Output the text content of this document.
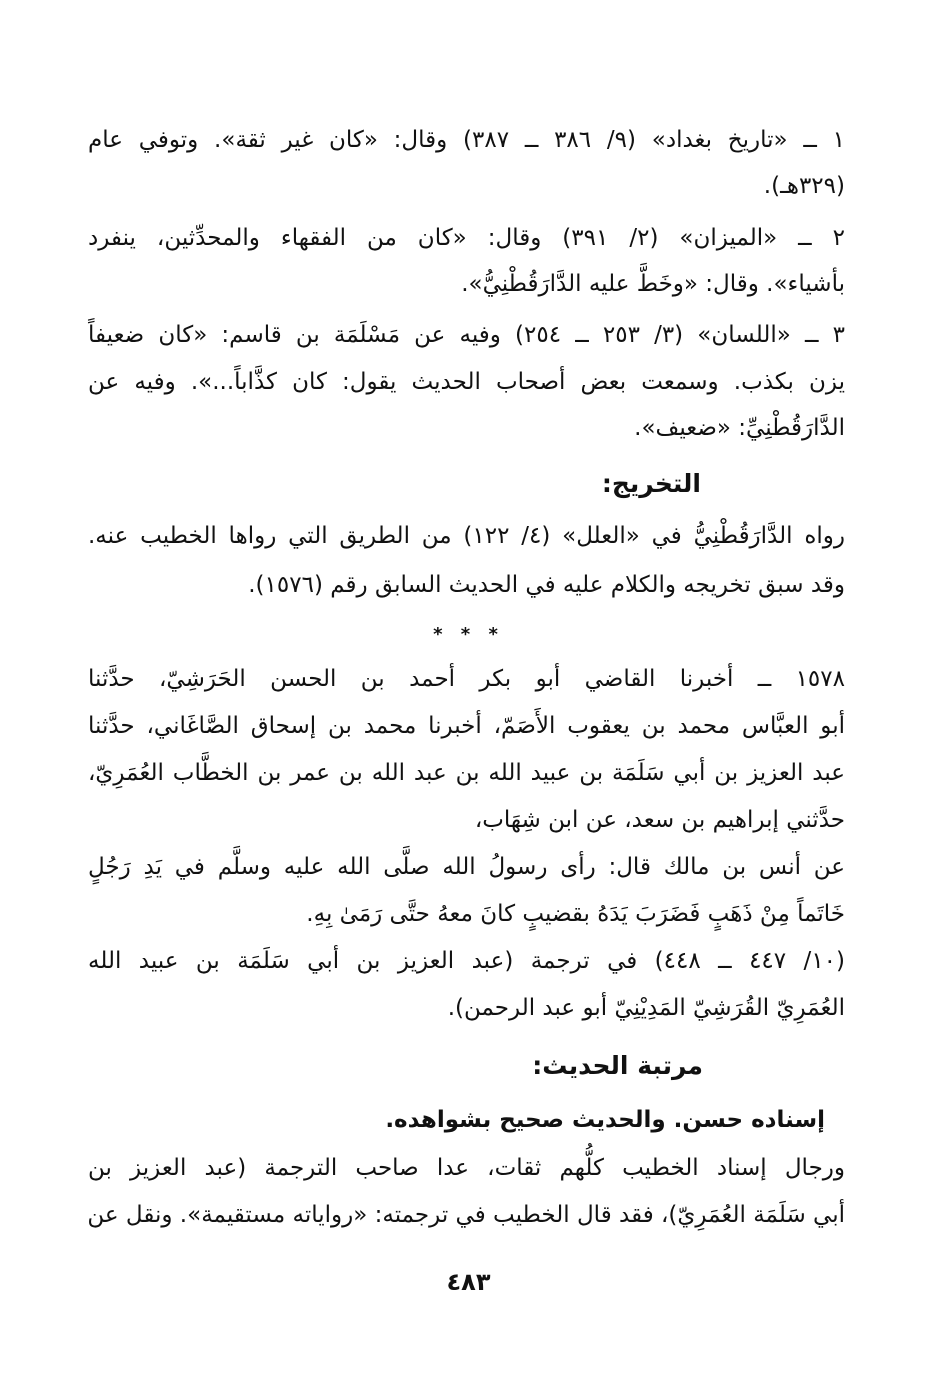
١ ــ «تاريخ بغداد» (٩/ ٣٨٦ ــ ٣٨٧) وقال: «كان غير ثقة». وتوفي عام
(٣٢٩هـ).
٢ ــ «الميزان» (٢/ ٣٩١) وقال: «كان من الفقهاء والمحدِّثين، ينفرد
بأشياء». وقال: «وخَطَّ عليه الدَّارَقُطْنِيُّ».
٣ ــ «اللسان» (٣/ ٢٥٣ ــ ٢٥٤) وفيه عن مَسْلَمَة بن قاسم: «كان ضعيفاً
يزن بكذب. وسمعت بعض أصحاب الحديث يقول: كان كذَّاباً...». وفيه عن
الدَّارَقُطْنِيِّ: «ضعيف».
التخريج:
رواه الدَّارَقُطْنِيُّ في «العلل» (٤/ ١٢٢) من الطريق التي رواها الخطيب عنه.
وقد سبق تخريجه والكلام عليه في الحديث السابق رقم (١٥٧٦).
* * *
١٥٧٨ ــ أخبرنا القاضي أبو بكر أحمد بن الحسن الحَرَشِيّ، حدَّثنا
أبو العبَّاس محمد بن يعقوب الأَصَمّ، أخبرنا محمد بن إسحاق الصَّاغَاني، حدَّثنا
عبد العزيز بن أبي سَلَمَة بن عبيد الله بن عبد الله بن عمر بن الخطَّاب العُمَرِيّ،
حدَّثني إبراهيم بن سعد، عن ابن شِهَاب،
عن أنس بن مالك قال: رأى رسولُ الله صلَّى الله عليه وسلَّم في يَدِ رَجُلٍ
خَاتَماً مِنْ ذَهَبٍ فَضَرَبَ يَدَهُ بقضيبٍ كانَ معهُ حتَّى رَمَىٰ بِهِ.
(١٠/ ٤٤٧ ــ ٤٤٨) في ترجمة (عبد العزيز بن أبي سَلَمَة بن عبيد الله
العُمَرِيّ القُرَشِيّ المَدِيْنِيّ أبو عبد الرحمن).
مرتبة الحديث:
إسناده حسن. والحديث صحيح بشواهده.
ورجال إسناد الخطيب كلُّهم ثقات، عدا صاحب الترجمة (عبد العزيز بن
أبي سَلَمَة العُمَرِيّ)، فقد قال الخطيب في ترجمته: «رواياته مستقيمة». ونقل عن
٤٨٣
